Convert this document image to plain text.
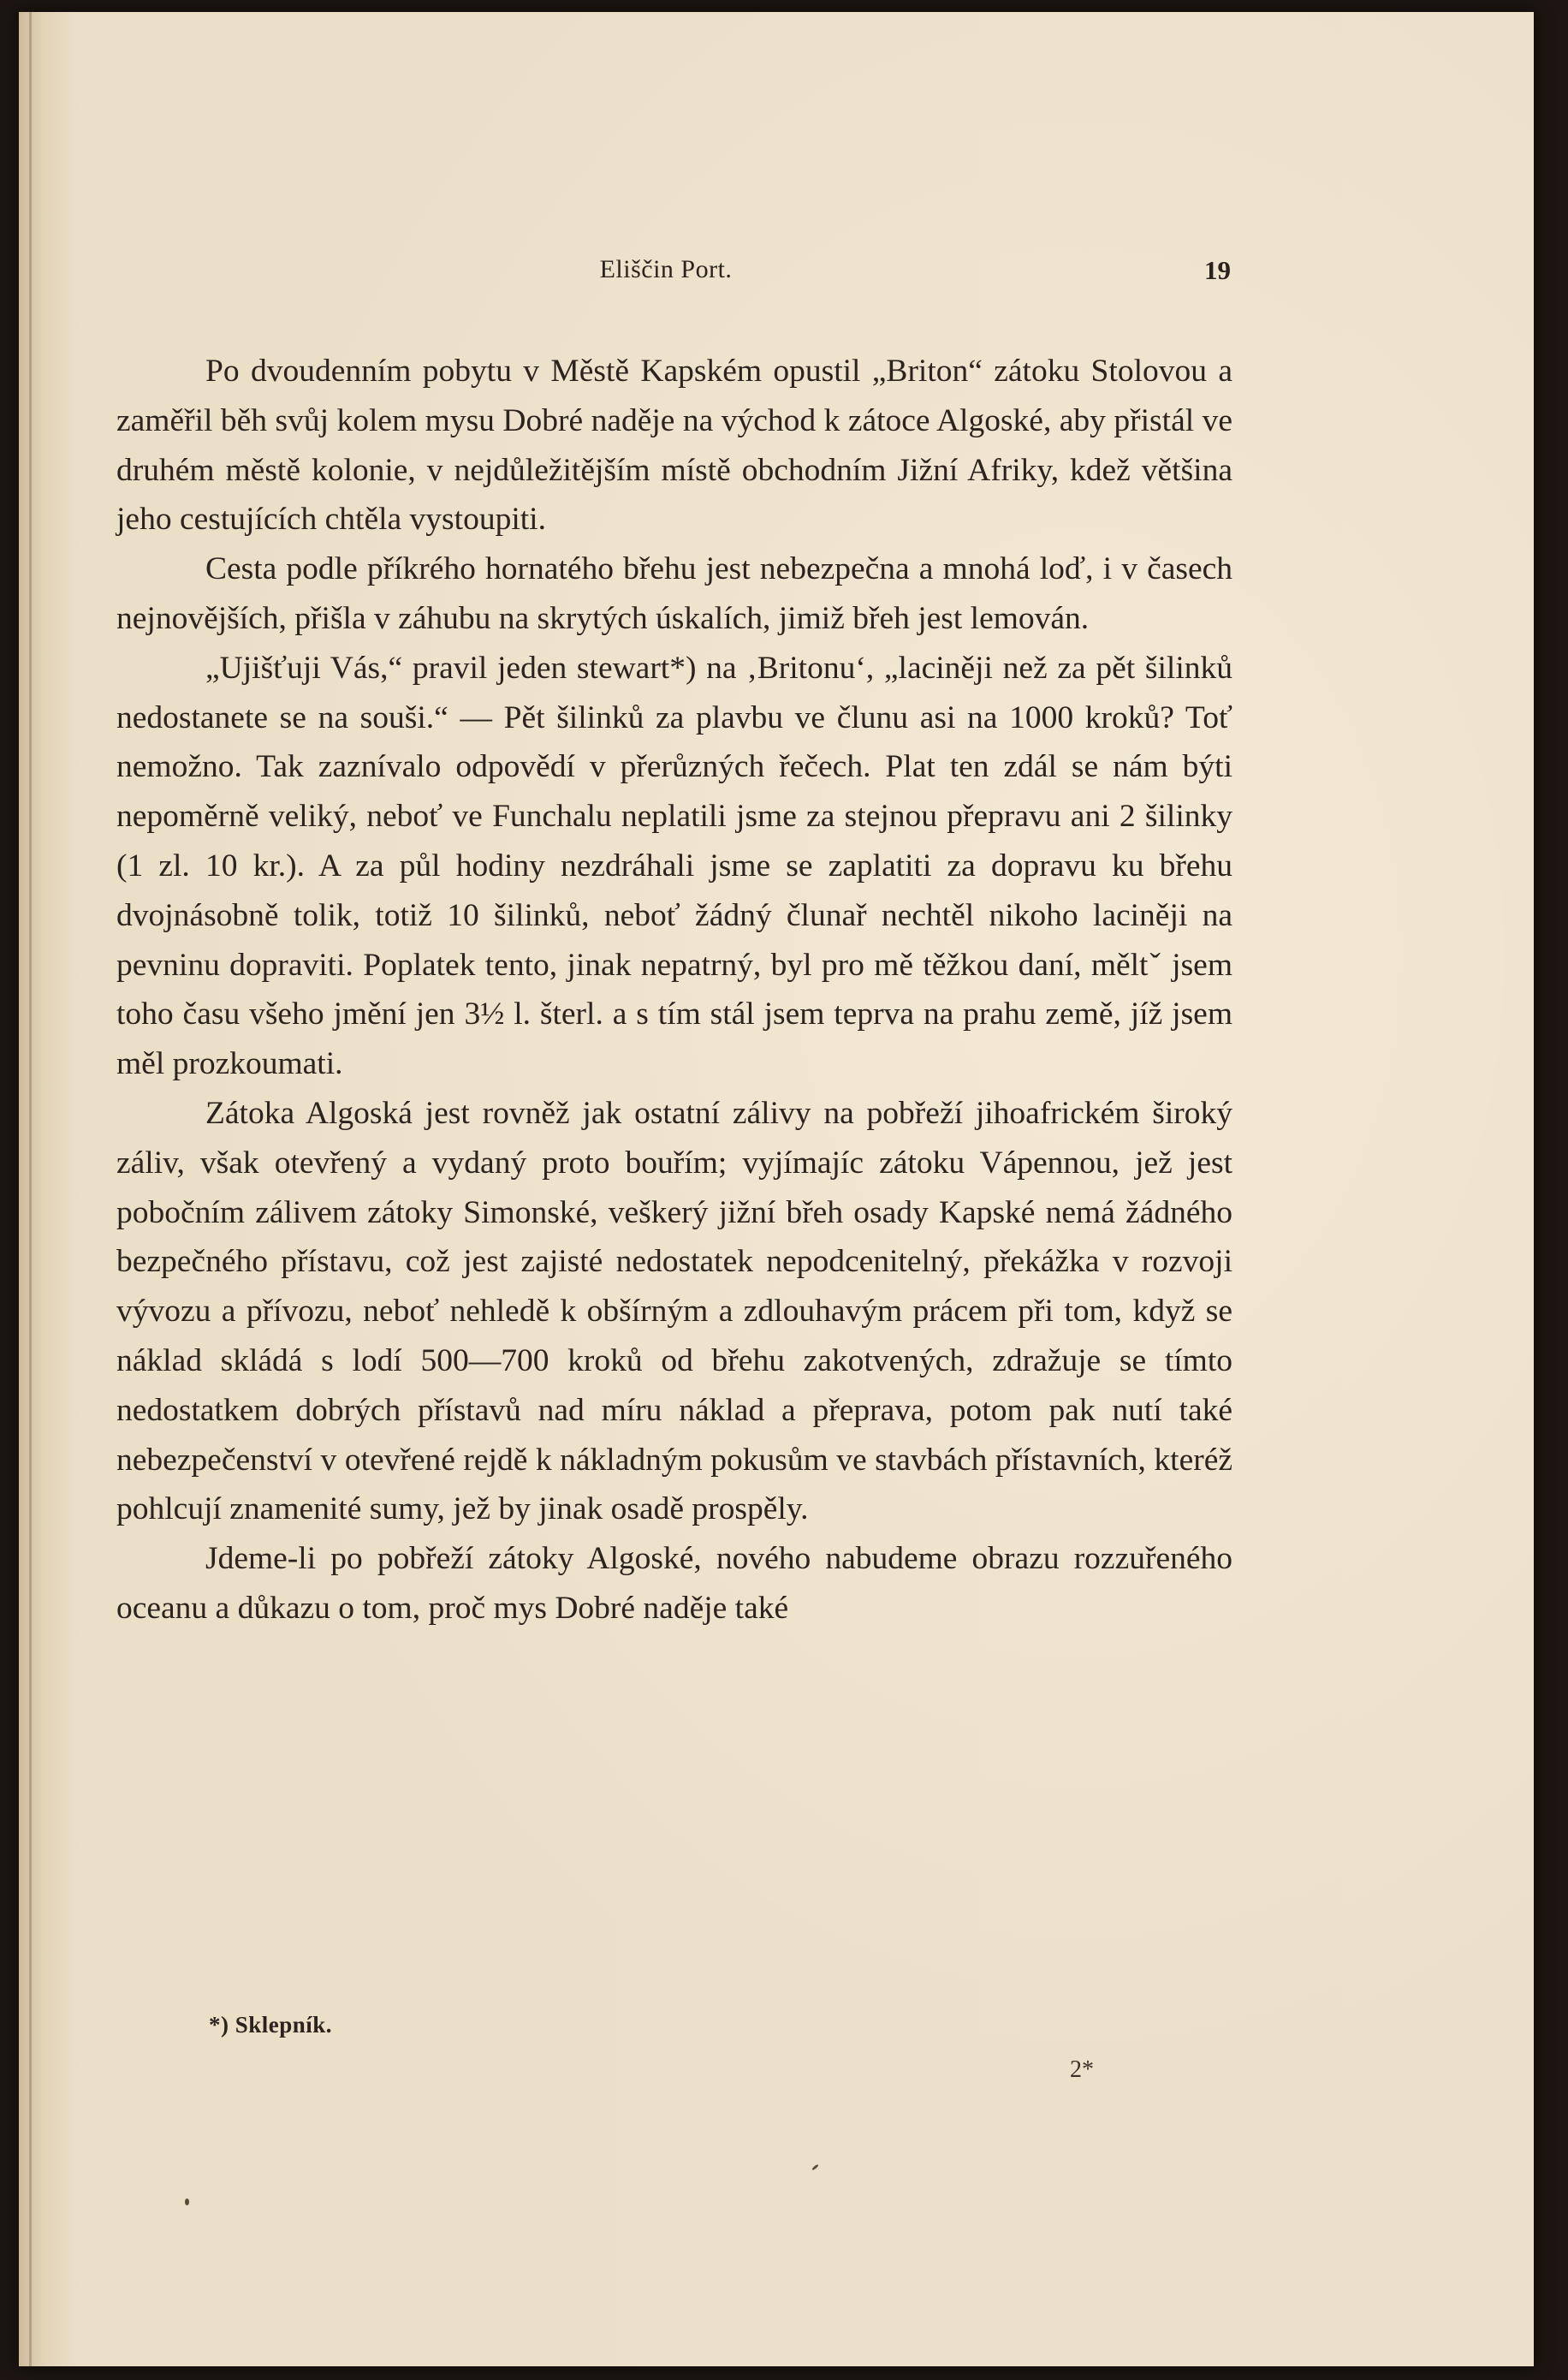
Eliščin Port.	19

Po dvoudenním pobytu v Městě Kapském opustil „Briton“ zátoku Stolovou a zaměřil běh svůj kolem mysu Dobré naděje na východ k zátoce Algoské, aby přistál ve druhém městě kolonie, v nejdůležitějším místě obchodním Jižní Afriky, kdež většina jeho cestujících chtěla vystoupiti.

Cesta podle příkrého hornatého břehu jest nebezpečna a mnohá loď, i v časech nejnovějších, přišla v záhubu na skrytých úskalích, jimiž břeh jest lemován.

„Ujišťuji Vás,“ pravil jeden stewart*) na ‚Britonu‘, „laciněji než za pět šilinků nedostanete se na souši.“ — Pět šilinků za plavbu ve člunu asi na 1000 kroků? Toť nemožno. Tak zaznívalo odpovědí v přerůzných řečech. Plat ten zdál se nám býti nepoměrně veliký, neboť ve Funchalu neplatili jsme za stejnou přepravu ani 2 šilinky (1 zl. 10 kr.). A za půl hodiny nezdráhali jsme se zaplatiti za dopravu ku břehu dvojnásobně tolik, totiž 10 šilinků, neboť žádný člunař nechtěl nikoho laciněji na pevninu dopraviti. Poplatek tento, jinak nepatrný, byl pro mě těžkou daní, měltˇ jsem toho času všeho jmění jen 3½ l. šterl. a s tím stál jsem teprva na prahu země, jíž jsem měl prozkoumati.

Zátoka Algoská jest rovněž jak ostatní zálivy na pobřeží jihoafrickém široký záliv, však otevřený a vydaný proto bouřím; vyjímajíc zátoku Vápennou, jež jest pobočním zálivem zátoky Simonské, veškerý jižní břeh osady Kapské nemá žádného bezpečného přístavu, což jest zajisté nedostatek nepodcenitelný, překážka v rozvoji vývozu a přívozu, neboť nehledě k obšírným a zdlouhavým prácem při tom, když se náklad skládá s lodí 500—700 kroků od břehu zakotvených, zdražuje se tímto nedostatkem dobrých přístavů nad míru náklad a přeprava, potom pak nutí také nebezpečenství v otevřené rejdě k nákladným pokusům ve stavbách přístavních, kteréž pohlcují znamenité sumy, jež by jinak osadě prospěly.

Jdeme-li po pobřeží zátoky Algoské, nového nabudeme obrazu rozzuřeného oceanu a důkazu o tom, proč mys Dobré naděje také

*) Sklepník.
2*
